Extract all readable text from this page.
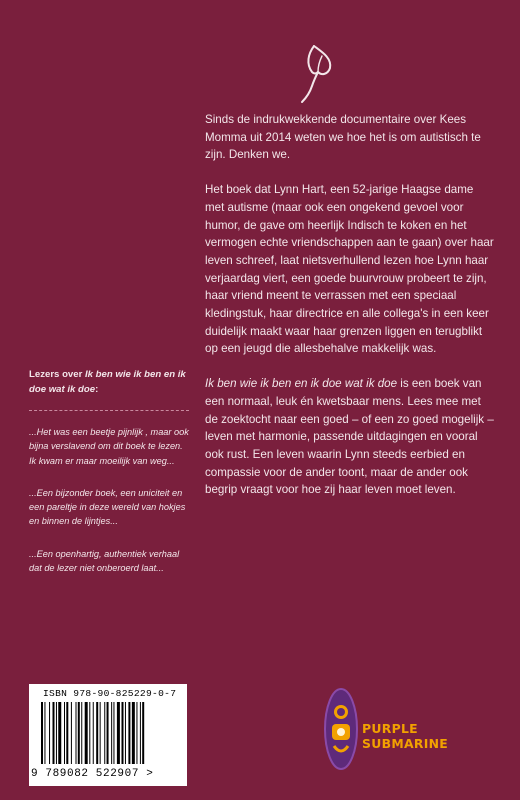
Sinds de indrukwekkende documentaire over Kees Momma uit 2014 weten we hoe het is om autistisch te zijn. Denken we.

Het boek dat Lynn Hart, een 52-jarige Haagse dame met autisme (maar ook een ongekend gevoel voor humor, de gave om heerlijk Indisch te koken en het vermogen echte vriendschappen aan te gaan) over haar leven schreef, laat nietsverhullend lezen hoe Lynn haar verjaardag viert, een goede buurvrouw probeert te zijn, haar vriend meent te verrassen met een speciaal kledingstuk, haar directrice en alle collega's in een keer duidelijk maakt waar haar grenzen liggen en terugblikt op een jeugd die allesbehalve makkelijk was.

Ik ben wie ik ben en ik doe wat ik doe is een boek van een normaal, leuk én kwetsbaar mens. Lees mee met de zoektocht naar een goed – of een zo goed mogelijk – leven met harmonie, passende uitdagingen en vooral ook rust. Een leven waarin Lynn steeds eerbied en compassie voor de ander toont, maar de ander ook begrip vraagt voor hoe zij haar leven moet leven.

Lezers over Ik ben wie ik ben en ik doe wat ik doe:
...Het was een beetje pijnlijk , maar ook bijna verslavend om dit boek te lezen. Ik kwam er maar moeilijk van weg...
...Een bijzonder boek, een uniciteit en een pareltje in deze wereld van hokjes en binnen de lijntjes...
...Een openhartig, authentiek verhaal dat de lezer niet onberoerd laat...
ISBN 978-90-825229-0-7
9 789082 522907 >
PURPLE
SUBMARINE
